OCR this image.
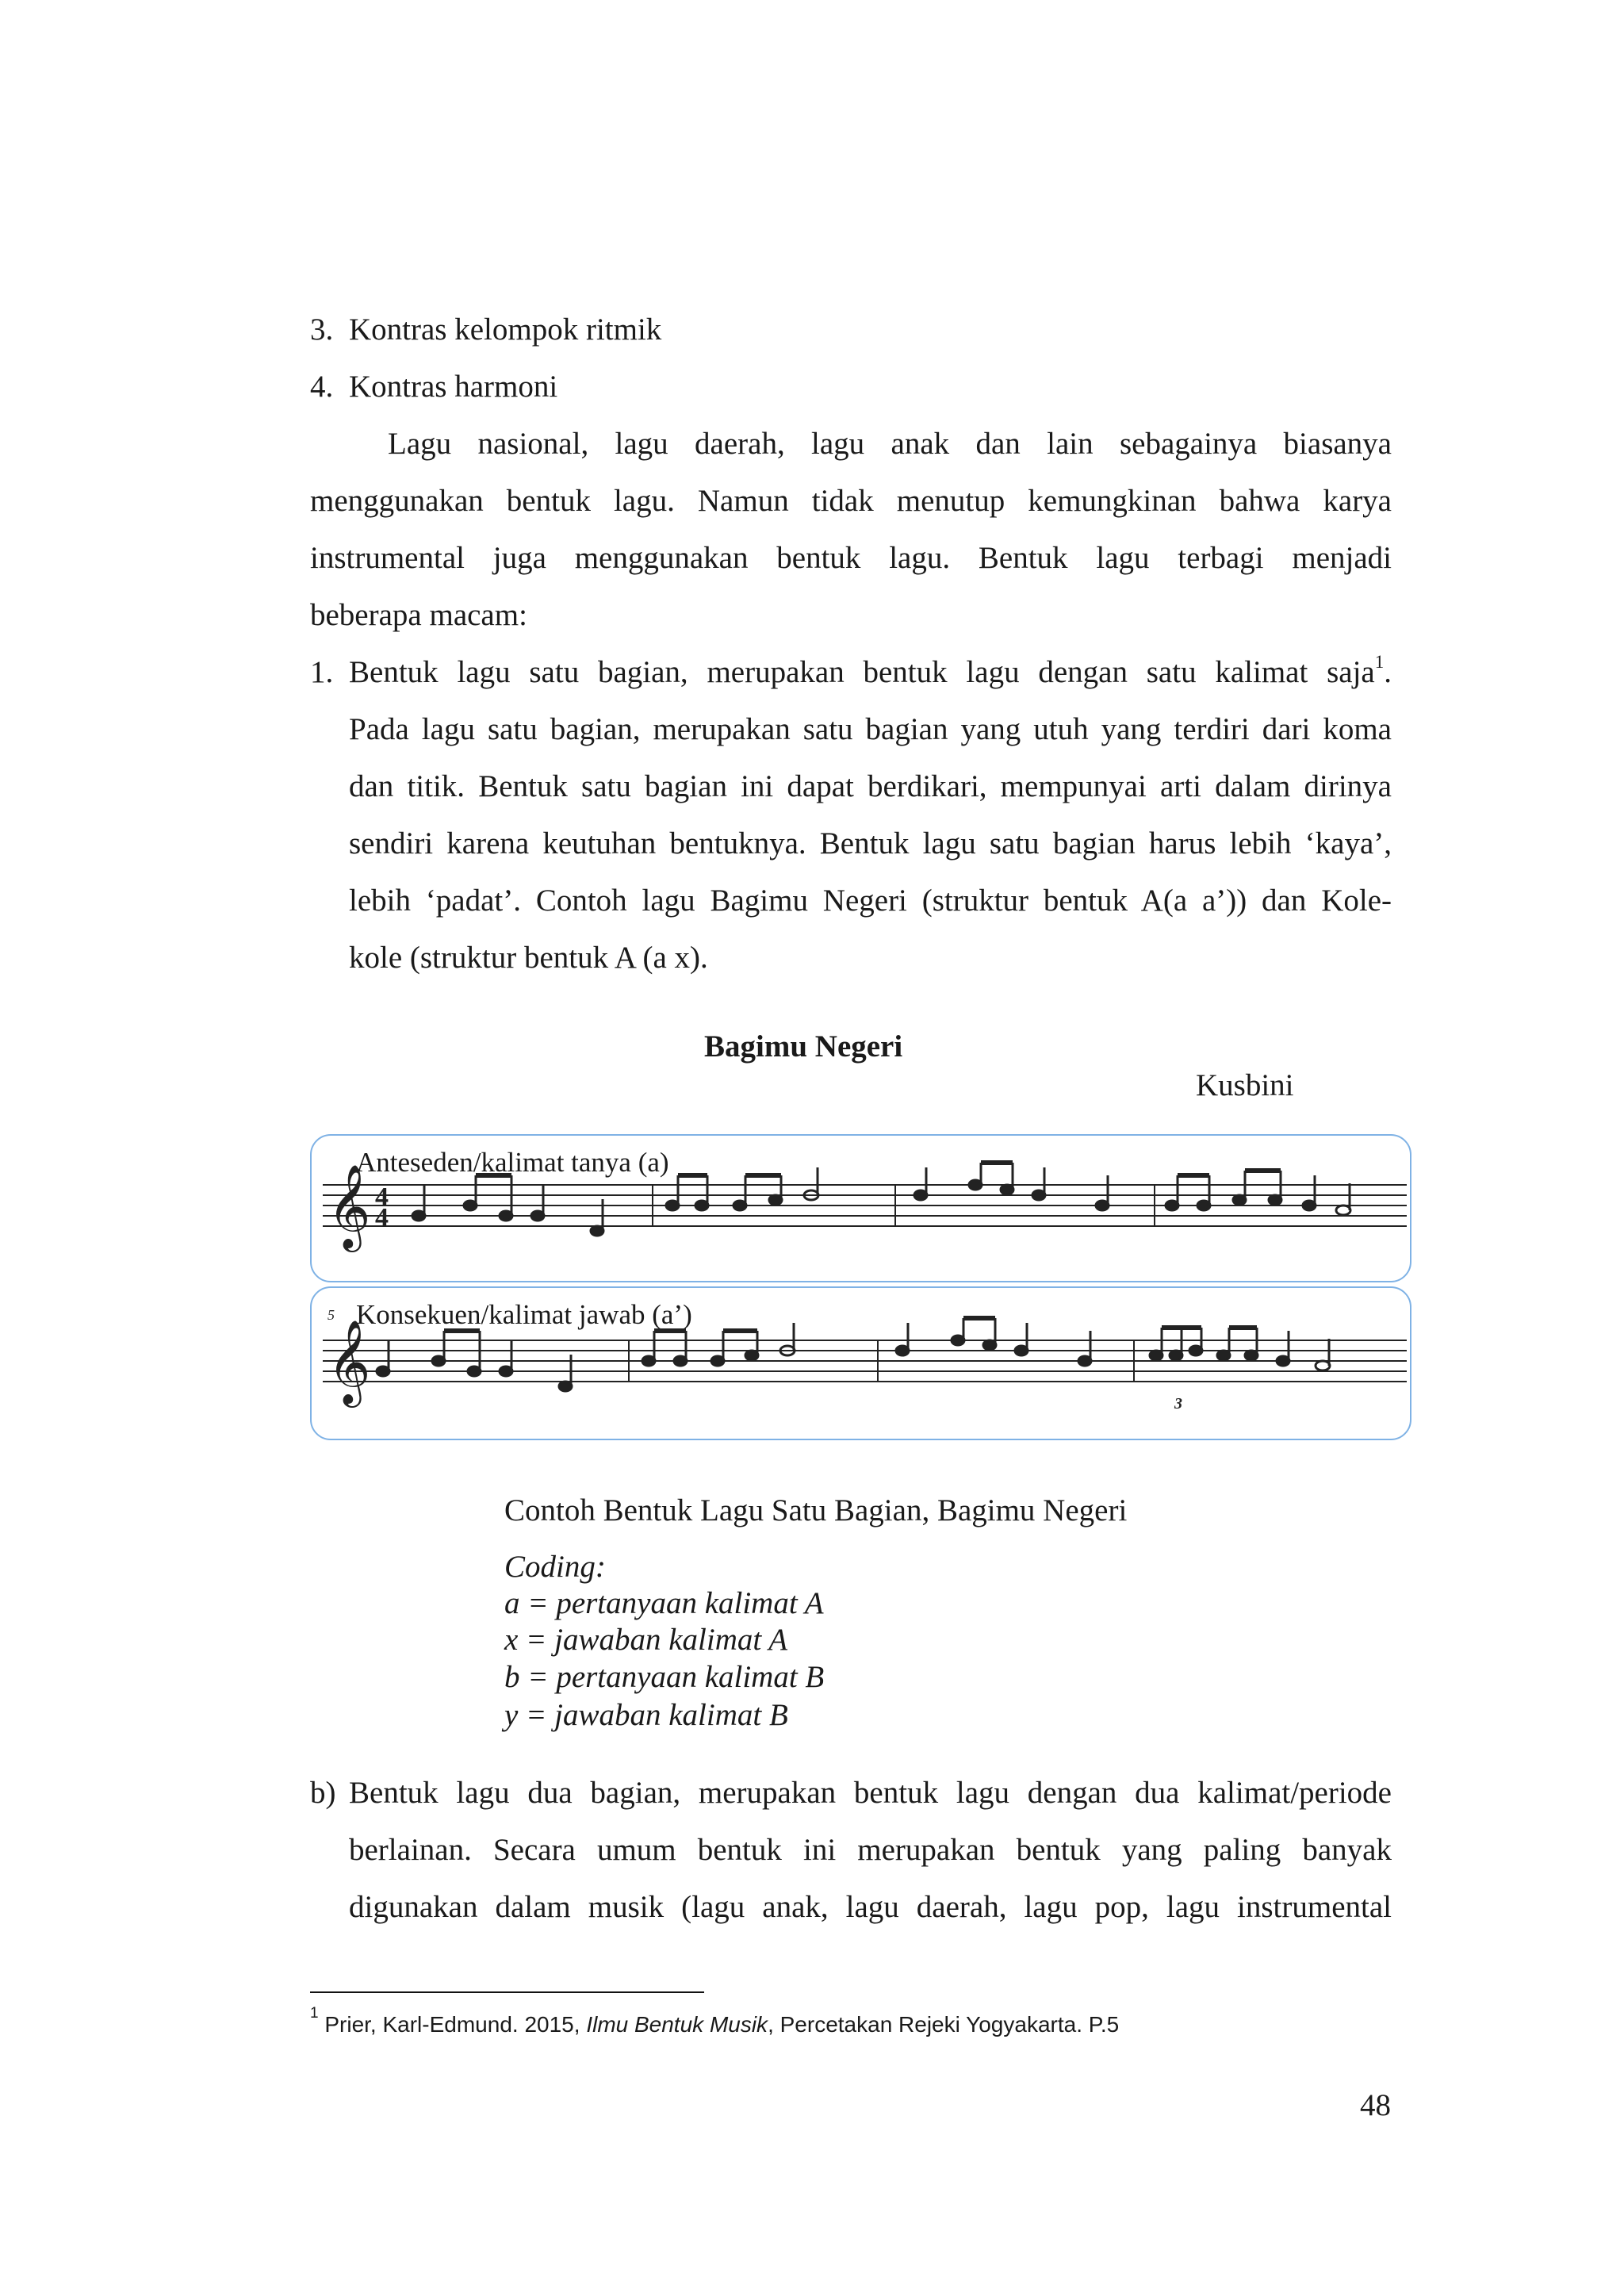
3. Kontras kelompok ritmik
4. Kontras harmoni
Lagu nasional, lagu daerah, lagu anak dan lain sebagainya biasanya
menggunakan bentuk lagu. Namun tidak menutup kemungkinan bahwa karya
instrumental juga menggunakan bentuk lagu. Bentuk lagu terbagi menjadi
beberapa macam:
1. Bentuk lagu satu bagian, merupakan bentuk lagu dengan satu kalimat saja$^1$.
Pada lagu satu bagian, merupakan satu bagian yang utuh yang terdiri dari koma
dan titik. Bentuk satu bagian ini dapat berdikari, mempunyai arti dalam dirinya
sendiri karena keutuhan bentuknya. Bentuk lagu satu bagian harus lebih ‘kaya’,
lebih ‘padat’. Contoh lagu Bagimu Negeri (struktur bentuk A(a a’)) dan Kole-
kole (struktur bentuk A (a x).
Bagimu Negeri
Kusbini
Anteseden/kalimat tanya (a)
𝄞 4
4
Konsekuen/kalimat jawab (a’)
5
𝄞
3
Contoh Bentuk Lagu Satu Bagian, Bagimu Negeri
Coding:
a = pertanyaan kalimat A
x = jawaban kalimat A
b = pertanyaan kalimat B
y = jawaban kalimat B
b) Bentuk lagu dua bagian, merupakan bentuk lagu dengan dua kalimat/periode
berlainan. Secara umum bentuk ini merupakan bentuk yang paling banyak
digunakan dalam musik (lagu anak, lagu daerah, lagu pop, lagu instrumental
$^1$ Prier, Karl-Edmund. 2015, Ilmu Bentuk Musik, Percetakan Rejeki Yogyakarta. P.5
48
